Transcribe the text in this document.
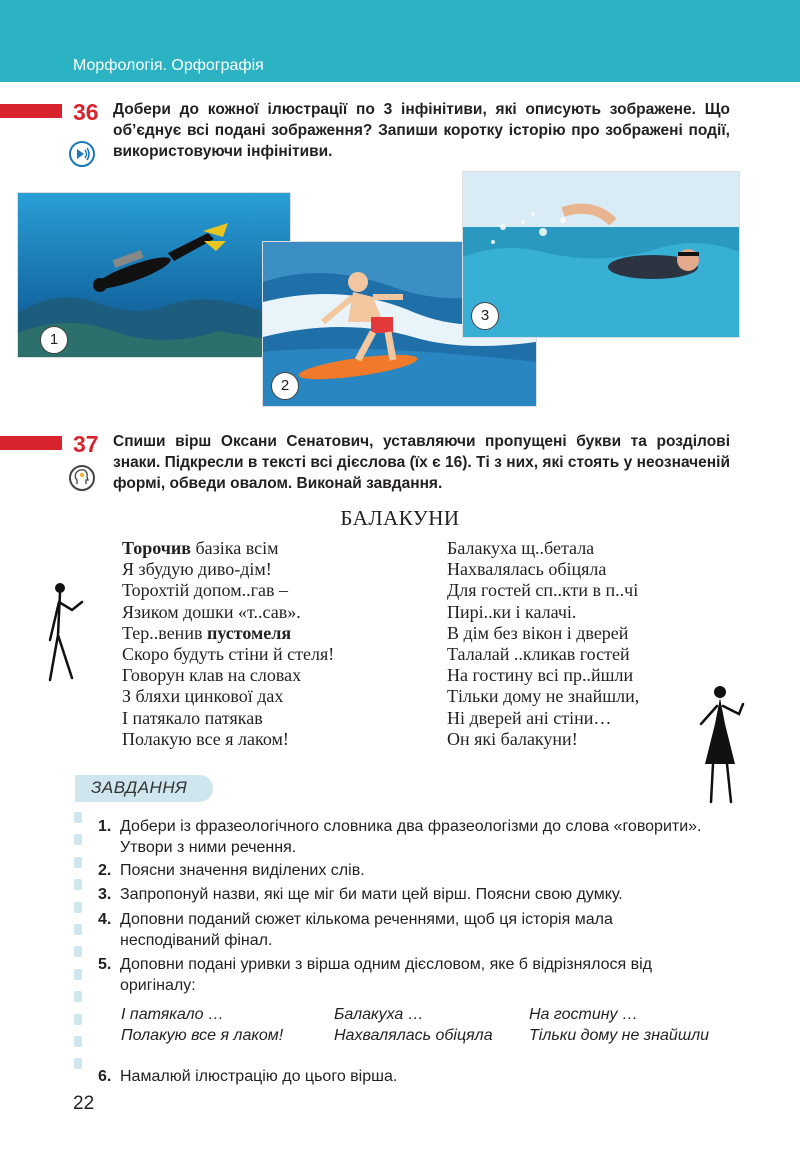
Морфологія. Орфографія
36 Добери до кожної ілюстрації по 3 інфінітиви, які описують зображене. Що об’єднує всі подані зображення? Запиши коротку історію про зображені події, використовуючи інфінітиви.
1
2
3
37 Спиши вірш Оксани Сенатович, уставляючи пропущені букви та розділові знаки. Підкресли в тексті всі дієслова (їх є 16). Ті з них, які стоять у неозначеній формі, обведи овалом. Виконай завдання.
БАЛАКУНИ
Торочив базіка всім
Я збудую диво-дім!
Торохтій допом..гав –
Язиком дошки «т..сав».
Тер..венив пустомеля
Скоро будуть стіни й стеля!
Говорун клав на словах
З бляхи цинкової дах
І патякало патякав
Полакую все я лаком!
Балакуха щ..бетала
Нахвалялась обіцяла
Для гостей сп..кти в п..чі
Пирі..ки і калачі.
В дім без вікон і дверей
Талалай ..кликав гостей
На гостину всі пр..йшли
Тільки дому не знайшли,
Ні дверей ані стіни…
Он які балакуни!
ЗАВДАННЯ
1. Добери із фразеологічного словника два фразеологізми до слова «говорити». Утвори з ними речення.
2. Поясни значення виділених слів.
3. Запропонуй назви, які ще міг би мати цей вірш. Поясни свою думку.
4. Доповни поданий сюжет кількома реченнями, щоб ця історія мала несподіваний фінал.
5. Доповни подані уривки з вірша одним дієсловом, яке б відрізнялося від оригіналу:
І патякало …
Полакую все я лаком!
Балакуха …
Нахвалялась обіцяла
На гостину …
Тільки дому не знайшли
6. Намалюй ілюстрацію до цього вірша.
22
